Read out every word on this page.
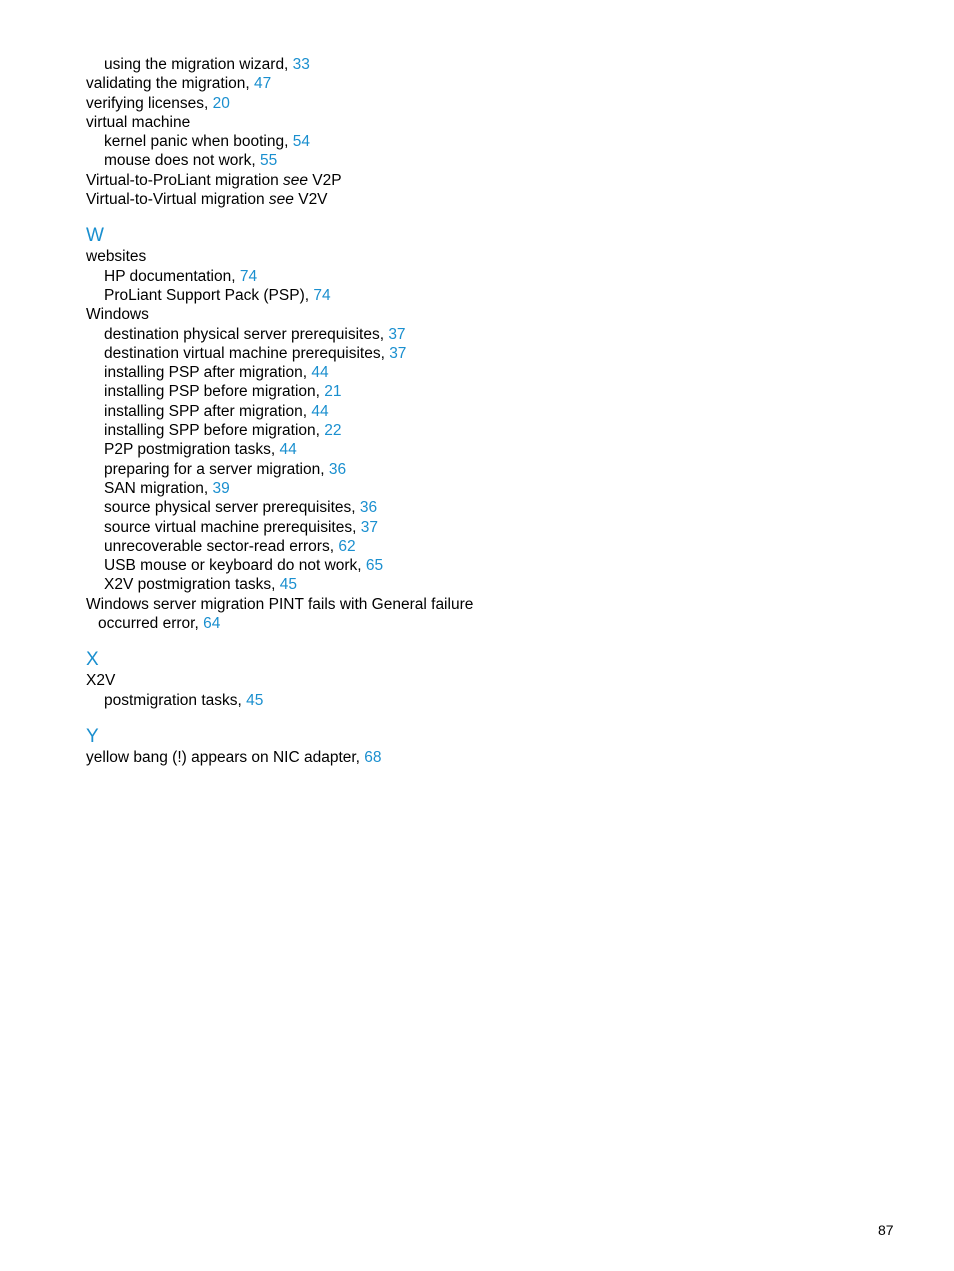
using the migration wizard, 33
validating the migration, 47
verifying licenses, 20
virtual machine
kernel panic when booting, 54
mouse does not work, 55
Virtual-to-ProLiant migration see V2P
Virtual-to-Virtual migration see V2V
W
websites
HP documentation, 74
ProLiant Support Pack (PSP), 74
Windows
destination physical server prerequisites, 37
destination virtual machine prerequisites, 37
installing PSP after migration, 44
installing PSP before migration, 21
installing SPP after migration, 44
installing SPP before migration, 22
P2P postmigration tasks, 44
preparing for a server migration, 36
SAN migration, 39
source physical server prerequisites, 36
source virtual machine prerequisites, 37
unrecoverable sector-read errors, 62
USB mouse or keyboard do not work, 65
X2V postmigration tasks, 45
Windows server migration PINT fails with General failure
occurred error, 64
X
X2V
postmigration tasks, 45
Y
yellow bang (!) appears on NIC adapter, 68
87
